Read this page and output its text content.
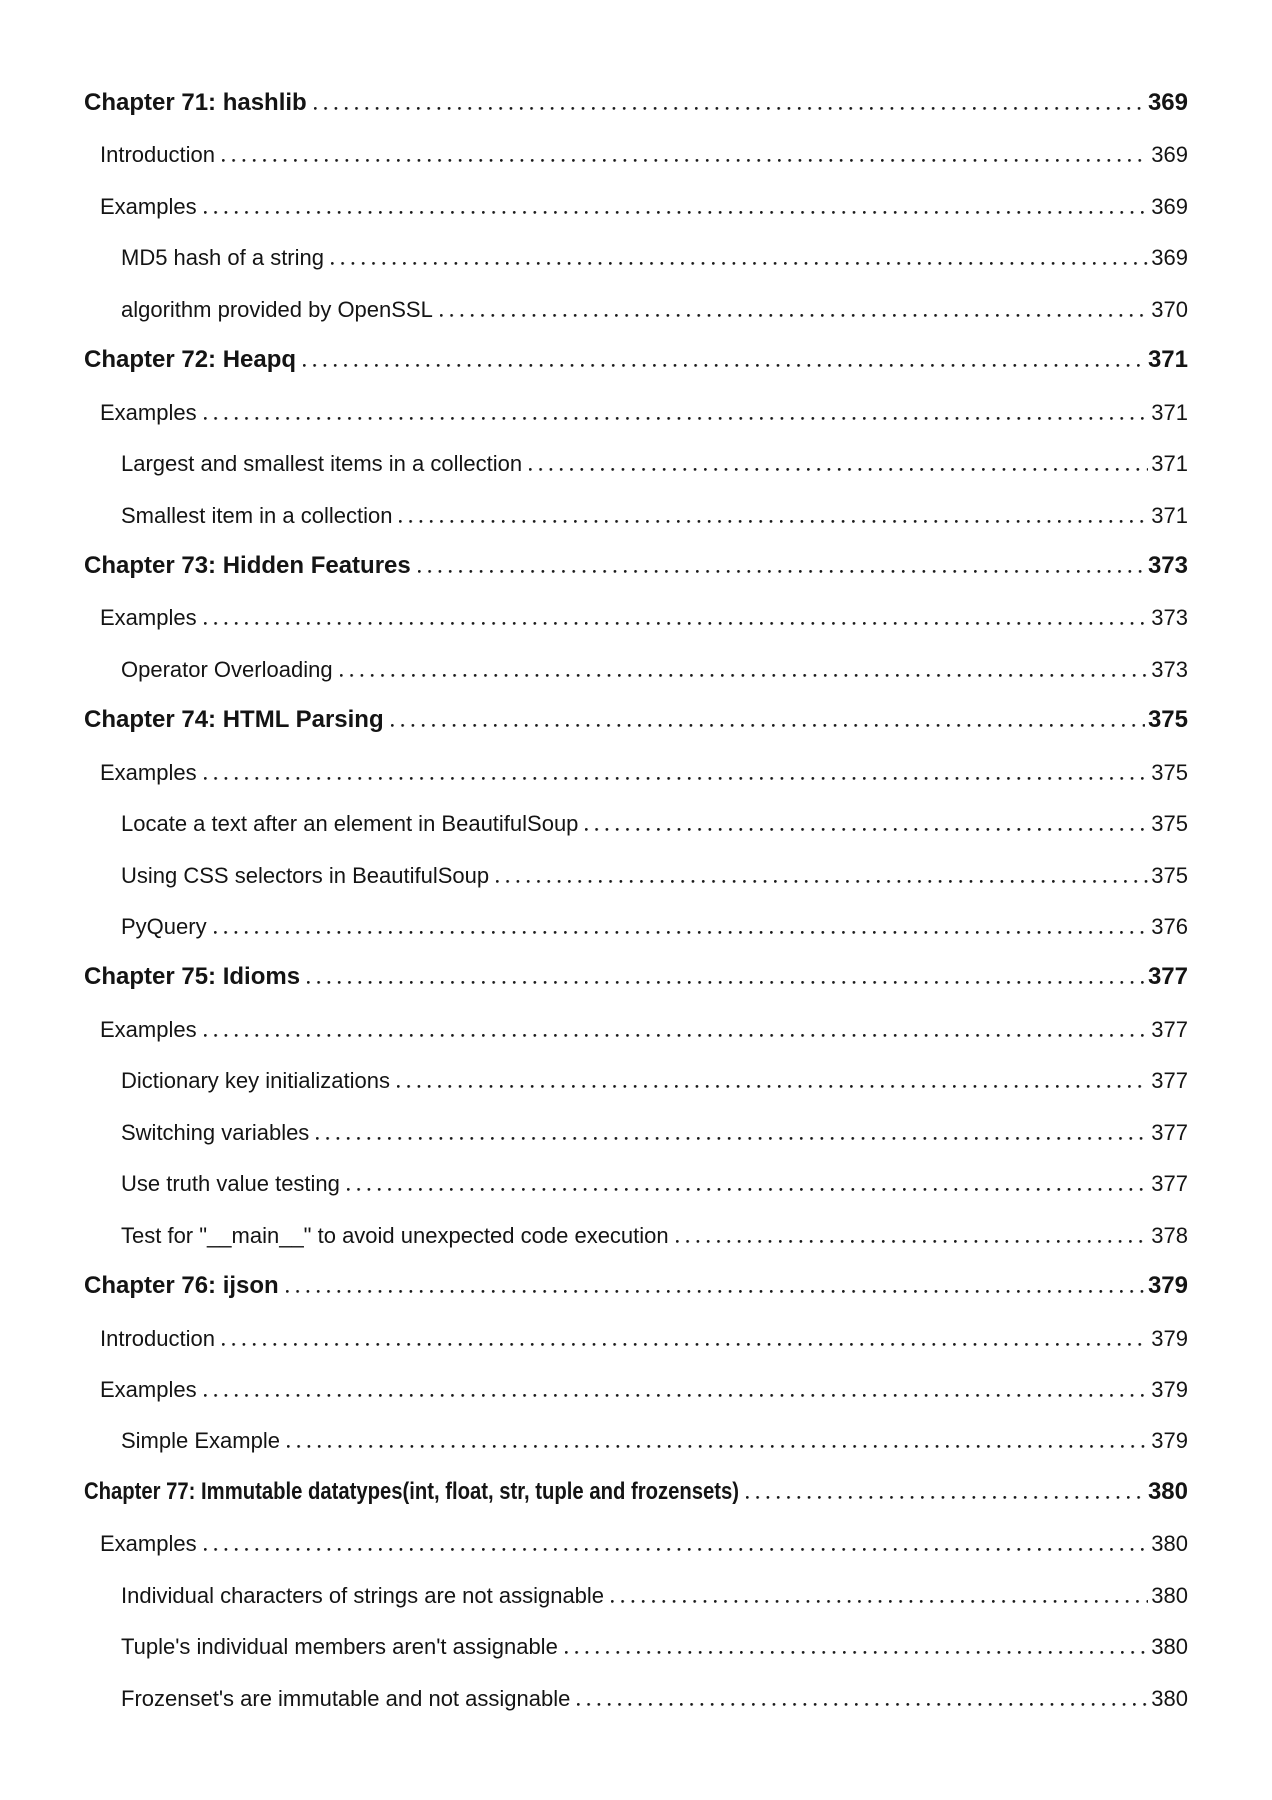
Chapter 71: hashlib	369
Introduction	369
Examples	369
MD5 hash of a string	369
algorithm provided by OpenSSL	370
Chapter 72: Heapq	371
Examples	371
Largest and smallest items in a collection	371
Smallest item in a collection	371
Chapter 73: Hidden Features	373
Examples	373
Operator Overloading	373
Chapter 74: HTML Parsing	375
Examples	375
Locate a text after an element in BeautifulSoup	375
Using CSS selectors in BeautifulSoup	375
PyQuery	376
Chapter 75: Idioms	377
Examples	377
Dictionary key initializations	377
Switching variables	377
Use truth value testing	377
Test for "__main__" to avoid unexpected code execution	378
Chapter 76: ijson	379
Introduction	379
Examples	379
Simple Example	379
Chapter 77: Immutable datatypes(int, float, str, tuple and frozensets)	380
Examples	380
Individual characters of strings are not assignable	380
Tuple's individual members aren't assignable	380
Frozenset's are immutable and not assignable	380
